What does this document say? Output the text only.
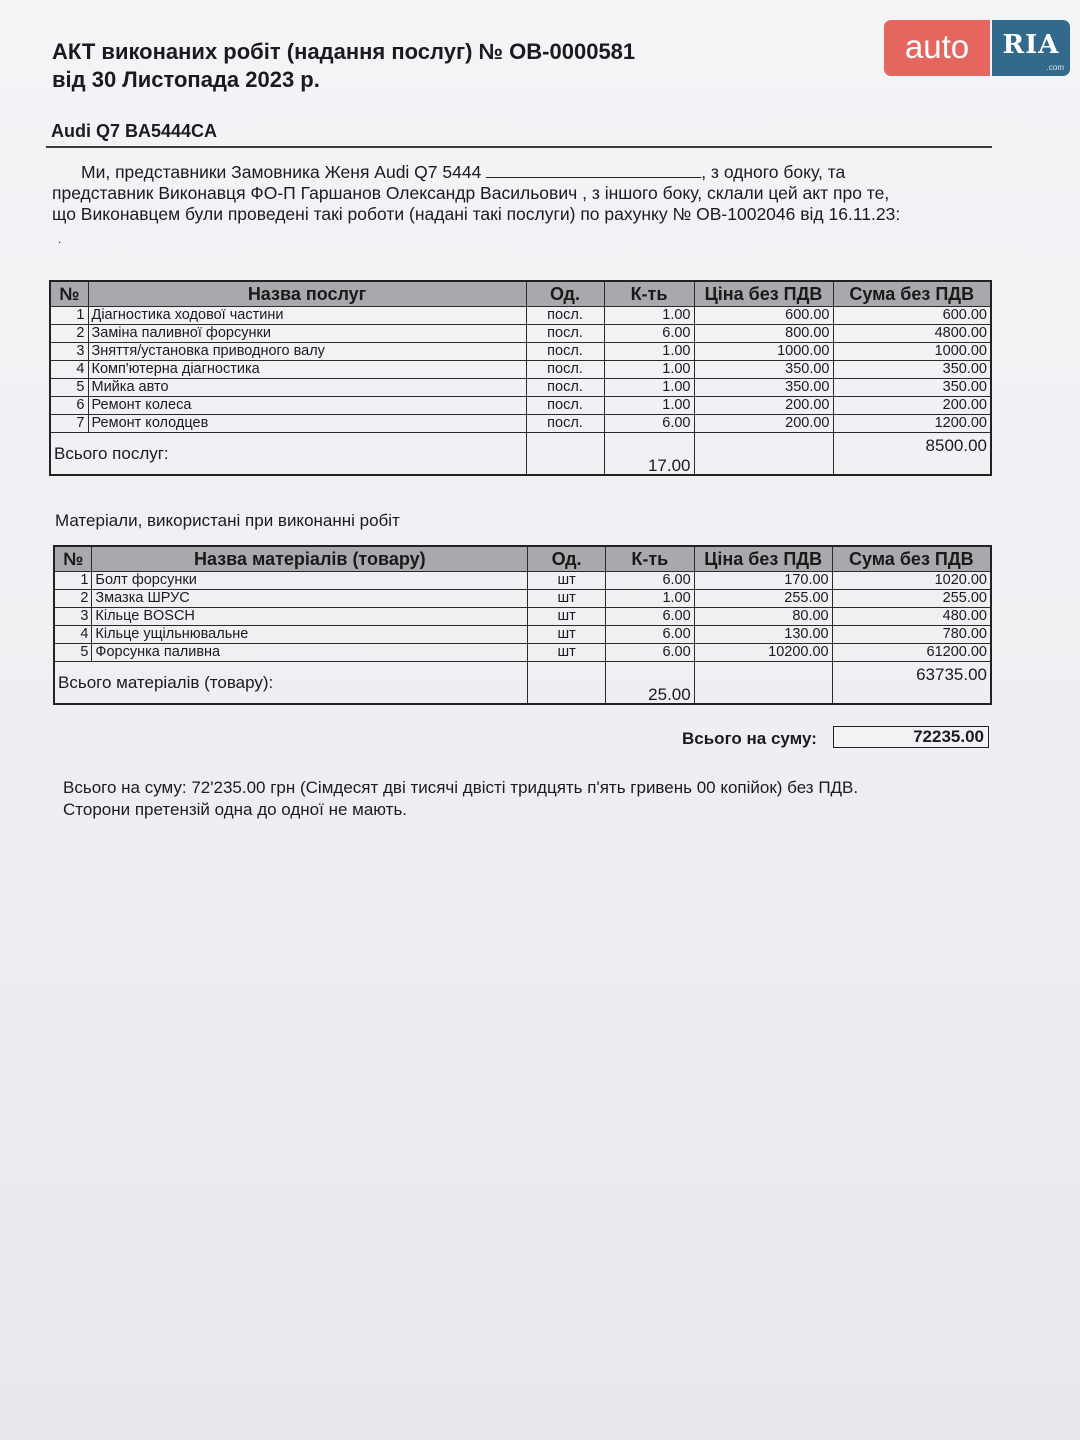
auto	RIA
.com
АКТ виконаних робіт (надання послуг) № ОВ-0000581
від 30 Листопада 2023 р.
Audi Q7 BA5444CA

Ми, представники Замовника Женя Audi Q7 5444	, з одного боку, та

представник Виконавця ФО-П Гаршанов Олександр Васильович , з іншого боку, склали цей акт про те,

що Виконавцем були проведені такі роботи (надані такі послуги) по рахунку № ОВ-1002046 від 16.11.23:

.
№	Назва послуг	Од.	К-ть	Ціна без ПДВ	Сума без ПДВ
1	Діагностика ходової частини	посл.	1.00	600.00	600.00
2	Заміна паливної форсунки	посл.	6.00	800.00	4800.00
3	Зняття/установка приводного валу	посл.	1.00	1000.00	1000.00
4	Комп'ютерна діагностика	посл.	1.00	350.00	350.00
5	Мийка авто	посл.	1.00	350.00	350.00
6	Ремонт колеса	посл.	1.00	200.00	200.00
7	Ремонт колодцев	посл.	6.00	200.00	1200.00
Всього послуг:			17.00		8500.00
Матеріали, використані при виконанні робіт
№	Назва матеріалів (товару)	Од.	К-ть	Ціна без ПДВ	Сума без ПДВ
1	Болт форсунки	шт	6.00	170.00	1020.00
2	Змазка ШРУС	шт	1.00	255.00	255.00
3	Кільце BOSCH	шт	6.00	80.00	480.00
4	Кільце ущільнювальне	шт	6.00	130.00	780.00
5	Форсунка паливна	шт	6.00	10200.00	61200.00
Всього матеріалів (товару):			25.00		63735.00
Всього на суму:	72235.00

Всього на суму: 72'235.00 грн (Сімдесят дві тисячі двісті тридцять п'ять гривень 00 копійок) без ПДВ.

Сторони претензій одна до одної не мають.
